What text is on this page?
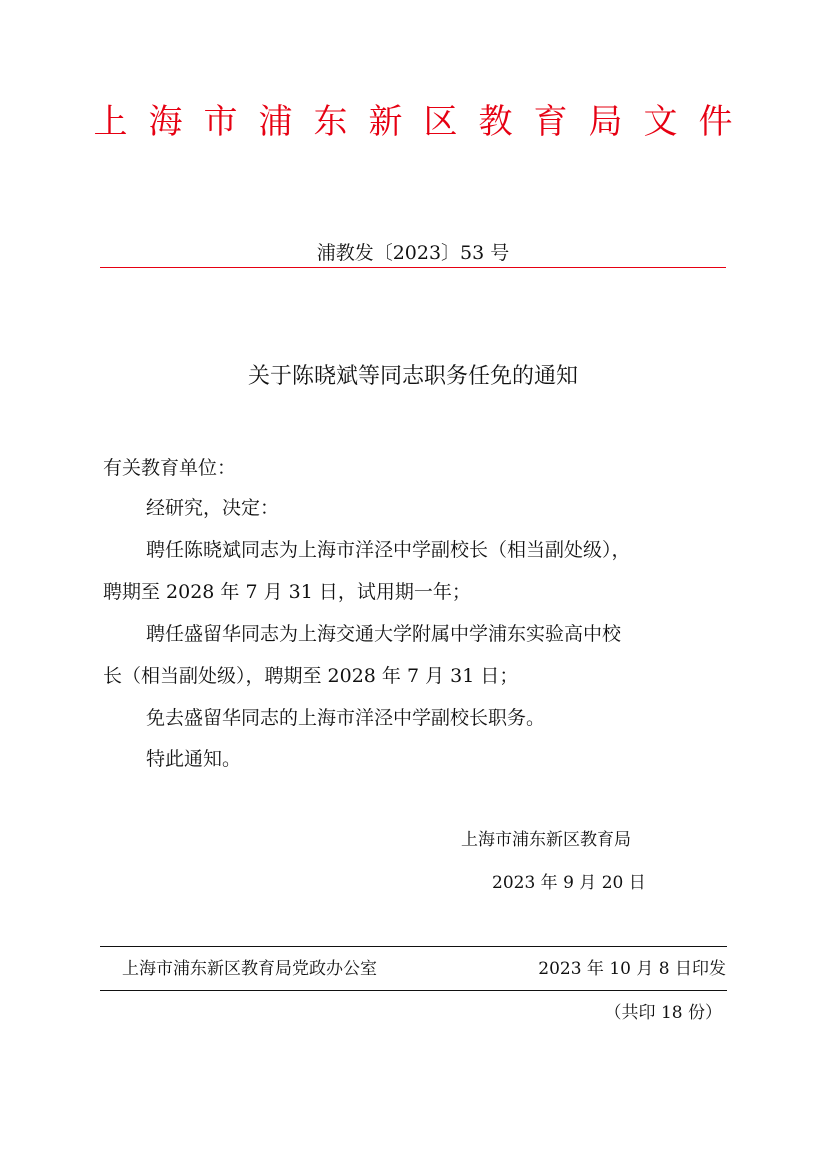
上海市浦东新区教育局文件
浦教发〔2023〕53 号
关于陈晓斌等同志职务任免的通知
有关教育单位：
经研究，决定：
聘任陈晓斌同志为上海市洋泾中学副校长（相当副处级），
聘期至 2028 年 7 月 31 日，试用期一年；
聘任盛留华同志为上海交通大学附属中学浦东实验高中校
长（相当副处级），聘期至 2028 年 7 月 31 日；
免去盛留华同志的上海市洋泾中学副校长职务。
特此通知。
上海市浦东新区教育局
2023 年 9 月 20 日
上海市浦东新区教育局党政办公室	2023 年 10 月 8 日印发
（共印 18 份）
